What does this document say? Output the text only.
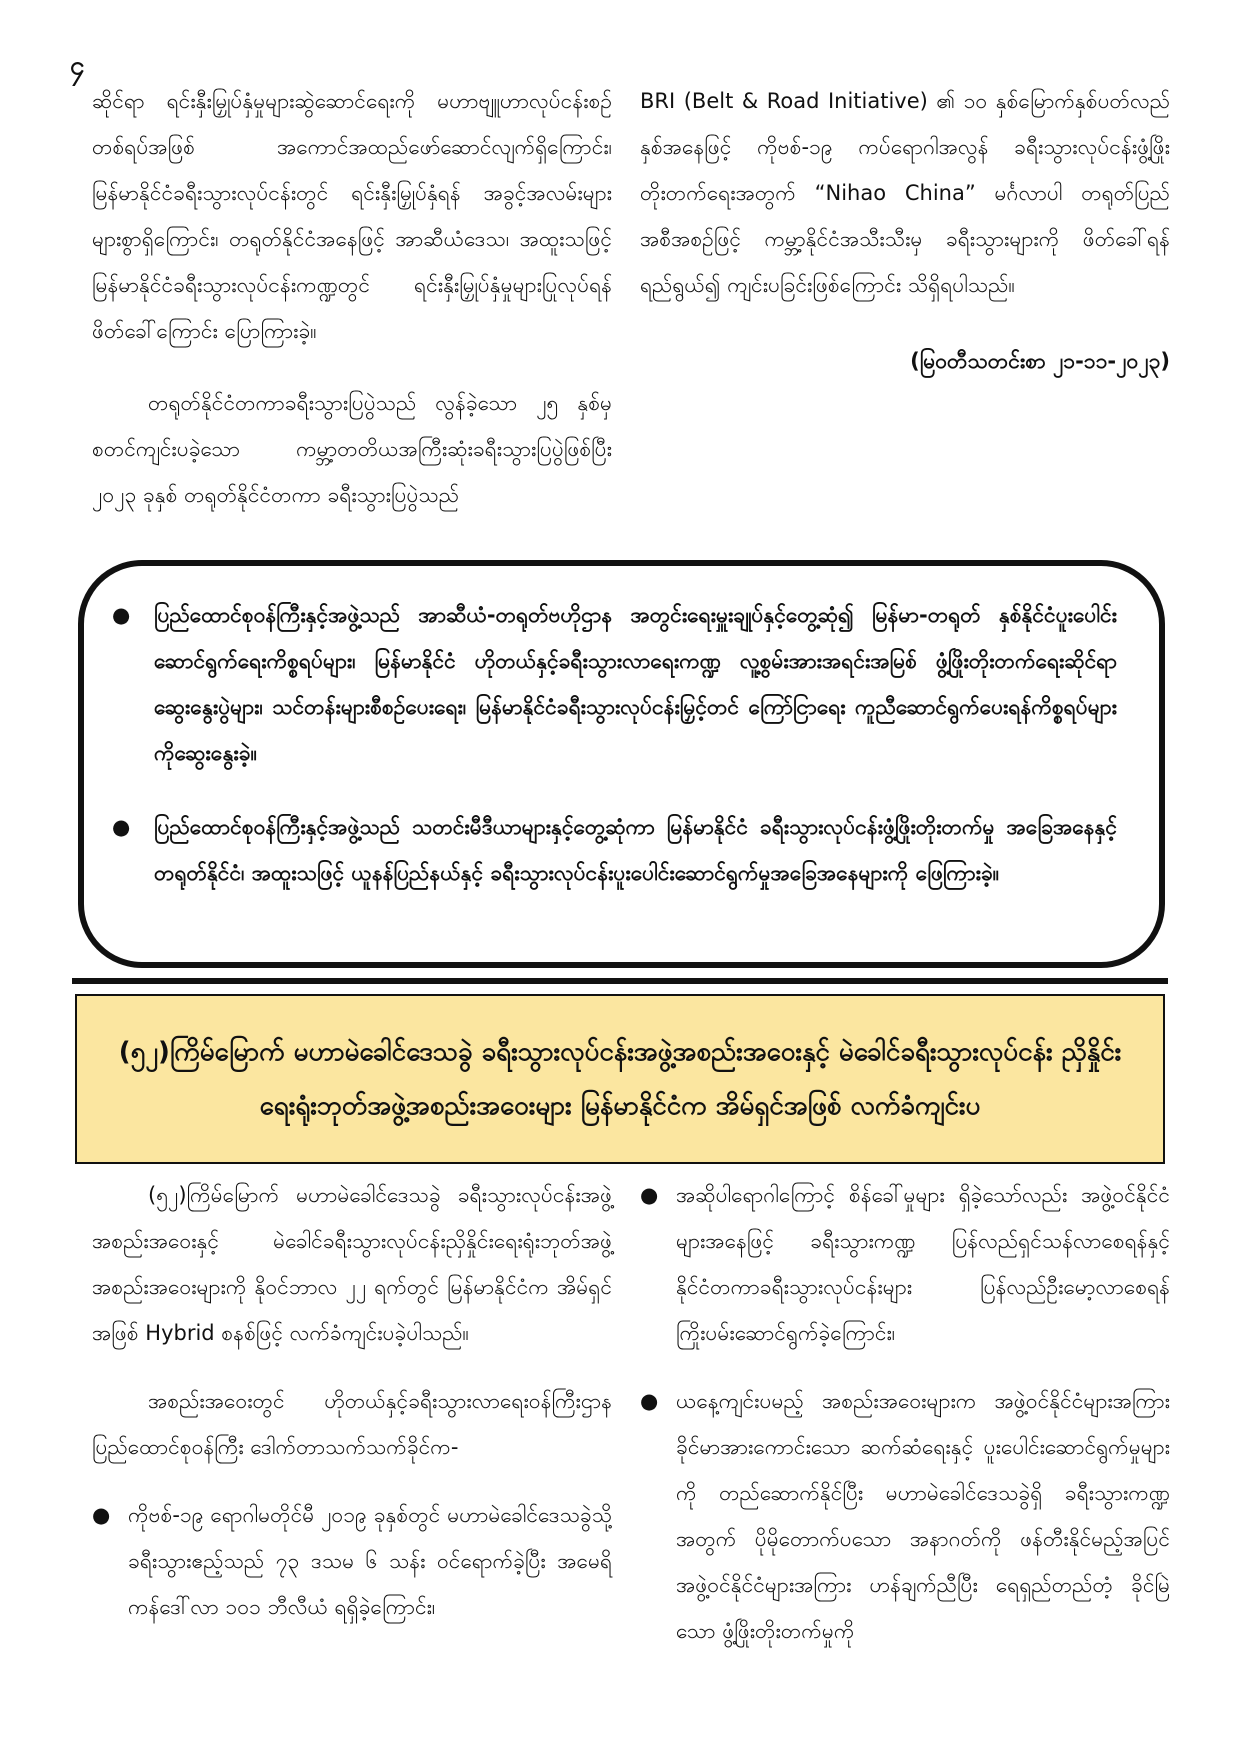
၄

ဆိုင်ရာ ရင်းနှီးမြှုပ်နှံမှုများဆွဲဆောင်ရေးကို မဟာဗျူဟာလုပ်ငန်းစဉ်တစ်ရပ်အဖြစ် အကောင်အထည်ဖော်ဆောင်လျက်ရှိကြောင်း၊ မြန်မာနိုင်ငံခရီးသွားလုပ်ငန်းတွင် ရင်းနှီးမြှုပ်နှံရန် အခွင့်အလမ်းများ များစွာရှိကြောင်း၊ တရုတ်နိုင်ငံအနေဖြင့် အာဆီယံဒေသ၊ အထူးသဖြင့် မြန်မာနိုင်ငံခရီးသွားလုပ်ငန်းကဏ္ဍတွင် ရင်းနှီးမြှုပ်နှံမှုများပြုလုပ်ရန် ဖိတ်ခေါ်ကြောင်း ပြောကြားခဲ့။

တရုတ်နိုင်ငံတကာခရီးသွားပြပွဲသည် လွန်ခဲ့သော ၂၅ နှစ်မှ စတင်ကျင်းပခဲ့သော ကမ္ဘာ့တတိယအကြီးဆုံးခရီးသွားပြပွဲဖြစ်ပြီး ၂၀၂၃ ခုနှစ် တရုတ်နိုင်ငံတကာ ခရီးသွားပြပွဲသည်

BRI (Belt & Road Initiative) ၏ ၁၀ နှစ်မြောက်နှစ်ပတ်လည်နှစ်အနေဖြင့် ကိုဗစ်-၁၉ ကပ်ရောဂါအလွန် ခရီးသွားလုပ်ငန်းဖွံ့ဖြိုးတိုးတက်ရေးအတွက် “Nihao China” မင်္ဂလာပါ တရုတ်ပြည်အစီအစဉ်ဖြင့် ကမ္ဘာ့နိုင်ငံအသီးသီးမှ ခရီးသွားများကို ဖိတ်ခေါ်ရန်ရည်ရွယ်၍ ကျင်းပခြင်းဖြစ်ကြောင်း သိရှိရပါသည်။

(မြဝတီသတင်းစာ ၂၁-၁၁-၂၀၂၃)

● ပြည်ထောင်စုဝန်ကြီးနှင့်အဖွဲ့သည် အာဆီယံ-တရုတ်ဗဟိုဌာန အတွင်းရေးမှူးချုပ်နှင့်တွေ့ဆုံ၍ မြန်မာ-တရုတ် နှစ်နိုင်ငံပူးပေါင်းဆောင်ရွက်ရေးကိစ္စရပ်များ၊ မြန်မာနိုင်ငံ ဟိုတယ်နှင့်ခရီးသွားလာရေးကဏ္ဍ လူ့စွမ်းအားအရင်းအမြစ် ဖွံ့ဖြိုးတိုးတက်ရေးဆိုင်ရာဆွေးနွေးပွဲများ၊ သင်တန်းများစီစဉ်ပေးရေး၊ မြန်မာနိုင်ငံခရီးသွားလုပ်ငန်းမြှင့်တင် ကြော်ငြာရေး ကူညီဆောင်ရွက်ပေးရန်ကိစ္စရပ်များကိုဆွေးနွေးခဲ့။
● ပြည်ထောင်စုဝန်ကြီးနှင့်အဖွဲ့သည် သတင်းမီဒီယာများနှင့်တွေ့ဆုံကာ မြန်မာနိုင်ငံ ခရီးသွားလုပ်ငန်းဖွံ့ဖြိုးတိုးတက်မှု အခြေအနေနှင့် တရုတ်နိုင်ငံ၊ အထူးသဖြင့် ယူနန်ပြည်နယ်နှင့် ခရီးသွားလုပ်ငန်းပူးပေါင်းဆောင်ရွက်မှုအခြေအနေများကို ဖြေကြားခဲ့။
(၅၂)ကြိမ်မြောက် မဟာမဲခေါင်ဒေသခွဲ ခရီးသွားလုပ်ငန်းအဖွဲ့အစည်းအဝေးနှင့် မဲခေါင်ခရီးသွားလုပ်ငန်း ညှိနှိုင်းရေးရုံးဘုတ်အဖွဲ့အစည်းအဝေးများ မြန်မာနိုင်ငံက အိမ်ရှင်အဖြစ် လက်ခံကျင်းပ

(၅၂)ကြိမ်မြောက် မဟာမဲခေါင်ဒေသခွဲ ခရီးသွားလုပ်ငန်းအဖွဲ့ အစည်းအဝေးနှင့် မဲခေါင်ခရီးသွားလုပ်ငန်းညှိနှိုင်းရေးရုံးဘုတ်အဖွဲ့အစည်းအဝေးများကို နိုဝင်ဘာလ ၂၂ ရက်တွင် မြန်မာနိုင်ငံက အိမ်ရှင်အဖြစ် Hybrid စနစ်ဖြင့် လက်ခံကျင်းပခဲ့ပါသည်။

အစည်းအဝေးတွင် ဟိုတယ်နှင့်ခရီးသွားလာရေးဝန်ကြီးဌာန ပြည်ထောင်စုဝန်ကြီး ဒေါက်တာသက်သက်ခိုင်က-

● ကိုဗစ်-၁၉ ရောဂါမတိုင်မီ ၂၀၁၉ ခုနှစ်တွင် မဟာမဲခေါင်ဒေသခွဲသို့ ခရီးသွားဧည့်သည် ၇၃ ဒသမ ၆ သန်း ဝင်ရောက်ခဲ့ပြီး အမေရိကန်ဒေါ်လာ ၁၀၁ ဘီလီယံ ရရှိခဲ့ကြောင်း၊
● အဆိုပါရောဂါကြောင့် စိန်ခေါ်မှုများ ရှိခဲ့သော်လည်း အဖွဲ့ဝင်နိုင်ငံများအနေဖြင့် ခရီးသွားကဏ္ဍ ပြန်လည်ရှင်သန်လာစေရန်နှင့် နိုင်ငံတကာခရီးသွားလုပ်ငန်းများ ပြန်လည်ဦးမော့လာစေရန် ကြိုးပမ်းဆောင်ရွက်ခဲ့ကြောင်း၊
● ယနေ့ကျင်းပမည့် အစည်းအဝေးများက အဖွဲ့ဝင်နိုင်ငံများအကြား ခိုင်မာအားကောင်းသော ဆက်ဆံရေးနှင့် ပူးပေါင်းဆောင်ရွက်မှုများကို တည်ဆောက်နိုင်ပြီး မဟာမဲခေါင်ဒေသခွဲရှိ ခရီးသွားကဏ္ဍအတွက် ပိုမိုတောက်ပသော အနာဂတ်ကို ဖန်တီးနိုင်မည့်အပြင် အဖွဲ့ဝင်နိုင်ငံများအကြား ဟန်ချက်ညီပြီး ရေရှည်တည်တံ့ ခိုင်မြဲသော ဖွံ့ဖြိုးတိုးတက်မှုကို
